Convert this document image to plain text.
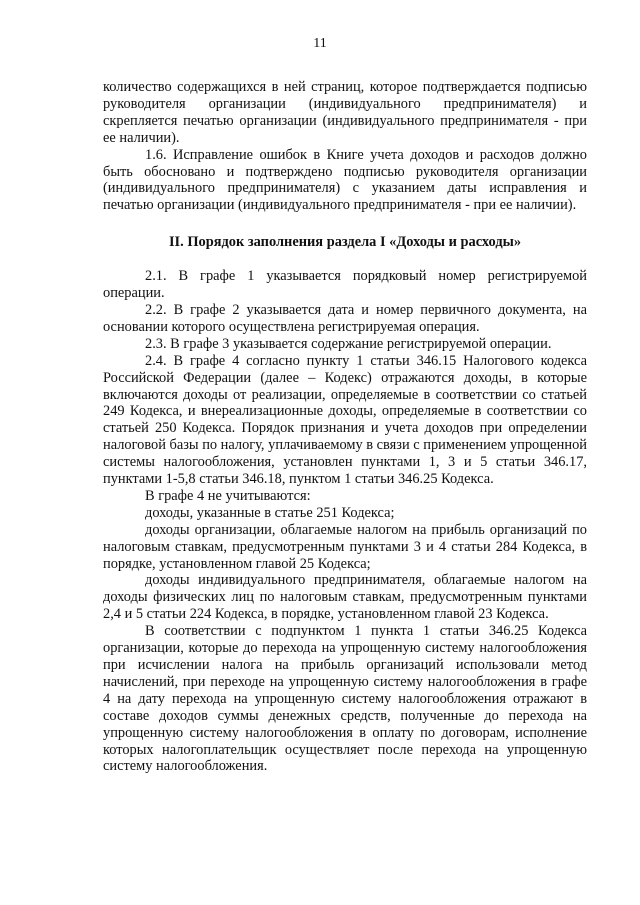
11

количество содержащихся в ней страниц, которое подтверждается подписью руководителя организации (индивидуального предпринимателя) и скрепляется печатью организации (индивидуального предпринимателя - при ее наличии).

1.6. Исправление ошибок в Книге учета доходов и расходов должно быть обосновано и подтверждено подписью руководителя организации (индивидуального предпринимателя) с указанием даты исправления и печатью организации (индивидуального предпринимателя - при ее наличии).

II. Порядок заполнения раздела I «Доходы и расходы»

2.1. В графе 1 указывается порядковый номер регистрируемой операции.

2.2. В графе 2 указывается дата и номер первичного документа, на основании которого осуществлена регистрируемая операция.

2.3. В графе 3 указывается содержание регистрируемой операции.

2.4. В графе 4 согласно пункту 1 статьи 346.15 Налогового кодекса Российской Федерации (далее – Кодекс) отражаются доходы, в которые включаются доходы от реализации, определяемые в соответствии со статьей 249 Кодекса, и внереализационные доходы, определяемые в соответствии со статьей 250 Кодекса. Порядок признания и учета доходов при определении налоговой базы по налогу, уплачиваемому в связи с применением упрощенной системы налогообложения, установлен пунктами 1, 3 и 5 статьи 346.17, пунктами 1-5,8 статьи 346.18, пунктом 1 статьи 346.25 Кодекса.

В графе 4 не учитываются:

доходы, указанные в статье 251 Кодекса;

доходы организации, облагаемые налогом на прибыль организаций по налоговым ставкам, предусмотренным пунктами 3 и 4 статьи 284 Кодекса, в порядке, установленном главой 25 Кодекса;

доходы индивидуального предпринимателя, облагаемые налогом на доходы физических лиц по налоговым ставкам, предусмотренным пунктами 2,4 и 5 статьи 224 Кодекса, в порядке, установленном главой 23 Кодекса.

В соответствии с подпунктом 1 пункта 1 статьи 346.25 Кодекса организации, которые до перехода на упрощенную систему налогообложения при исчислении налога на прибыль организаций использовали метод начислений, при переходе на упрощенную систему налогообложения в графе 4 на дату перехода на упрощенную систему налогообложения отражают в составе доходов суммы денежных средств, полученные до перехода на упрощенную систему налогообложения в оплату по договорам, исполнение которых налогоплательщик осуществляет после перехода на упрощенную систему налогообложения.
